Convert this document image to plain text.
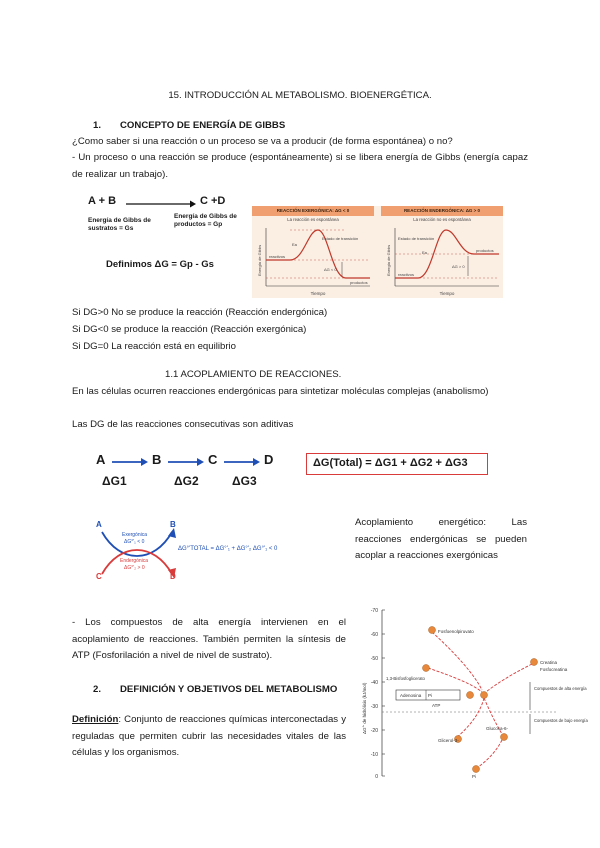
15. INTRODUCCIÓN AL METABOLISMO. BIOENERGÉTICA.
1. CONCEPTO DE ENERGÍA DE GIBBS
¿Como saber si una reacción o un proceso se va a producir (de forma espontánea) o no?
- Un proceso o una reacción se produce (espontáneamente) si se libera energía de Gibbs (energía capaz de realizar un trabajo).
A + B	C +D
Energía de Gibbs de
sustratos = Gs
Energía de Gibbs de
productos = Gp
Definimos ΔG = Gp - Gs
REACCIÓN EXERGÓNICA: ΔG < 0
La reacción es espontánea
REACCIÓN ENDERGÓNICA: ΔG > 0
La reacción no es espontánea
Tiempo	Tiempo
Energía de Gibbs	Energía de Gibbs
reactivos
productos
Estado de transición
Ea
ΔG < 0
reactivos
productos
Estado de transición
Ea
ΔG > 0
Si DG>0 No se produce la reacción (Reacción endergónica)
Si DG<0 se produce la reacción (Reacción exergónica)
Si DG=0 La reacción está en equilibrio
1.1 ACOPLAMIENTO DE REACCIONES.
En las células ocurren reacciones endergónicas para sintetizar moléculas complejas (anabolismo)
Las DG de las reacciones consecutivas son aditivas
A	B	C	D
ΔG1	ΔG2	ΔG3
ΔG(Total) = ΔG1 + ΔG2 + ΔG3
A	B
C	D
Exergónica
ΔG°'₁ < 0
Endergónica
ΔG°'₂ > 0
ΔG°'TOTAL = ΔG°'₁ + ΔG°'₂ ΔG°'₁ < 0
Acoplamiento energético: Las reacciones endergónicas se pueden acoplar a reacciones exergónicas
- Los compuestos de alta energía intervienen en el acoplamiento de reacciones. También permiten la síntesis de ATP (Fosforilación a nivel de nivel de sustrato).
2. DEFINICIÓN Y OBJETIVOS DEL METABOLISMO
Definición: Conjunto de reacciones químicas interconectadas y reguladas que permiten cubrir las necesidades vitales de las células y los organismos.
-70
-60
-50
-40
-30
-20
-10
0
ΔG°' de hidrólisis (kJ/mol)	Adenosina Pi
ATP
Fosfoenolpiruvato
1,3-Bisfosfoglicerato
Creatina
Fosfocreatina
Glucosa-6-
Glicerol-3-
Pi
Compuestos de alta energía
Compuestos de bajo energía
